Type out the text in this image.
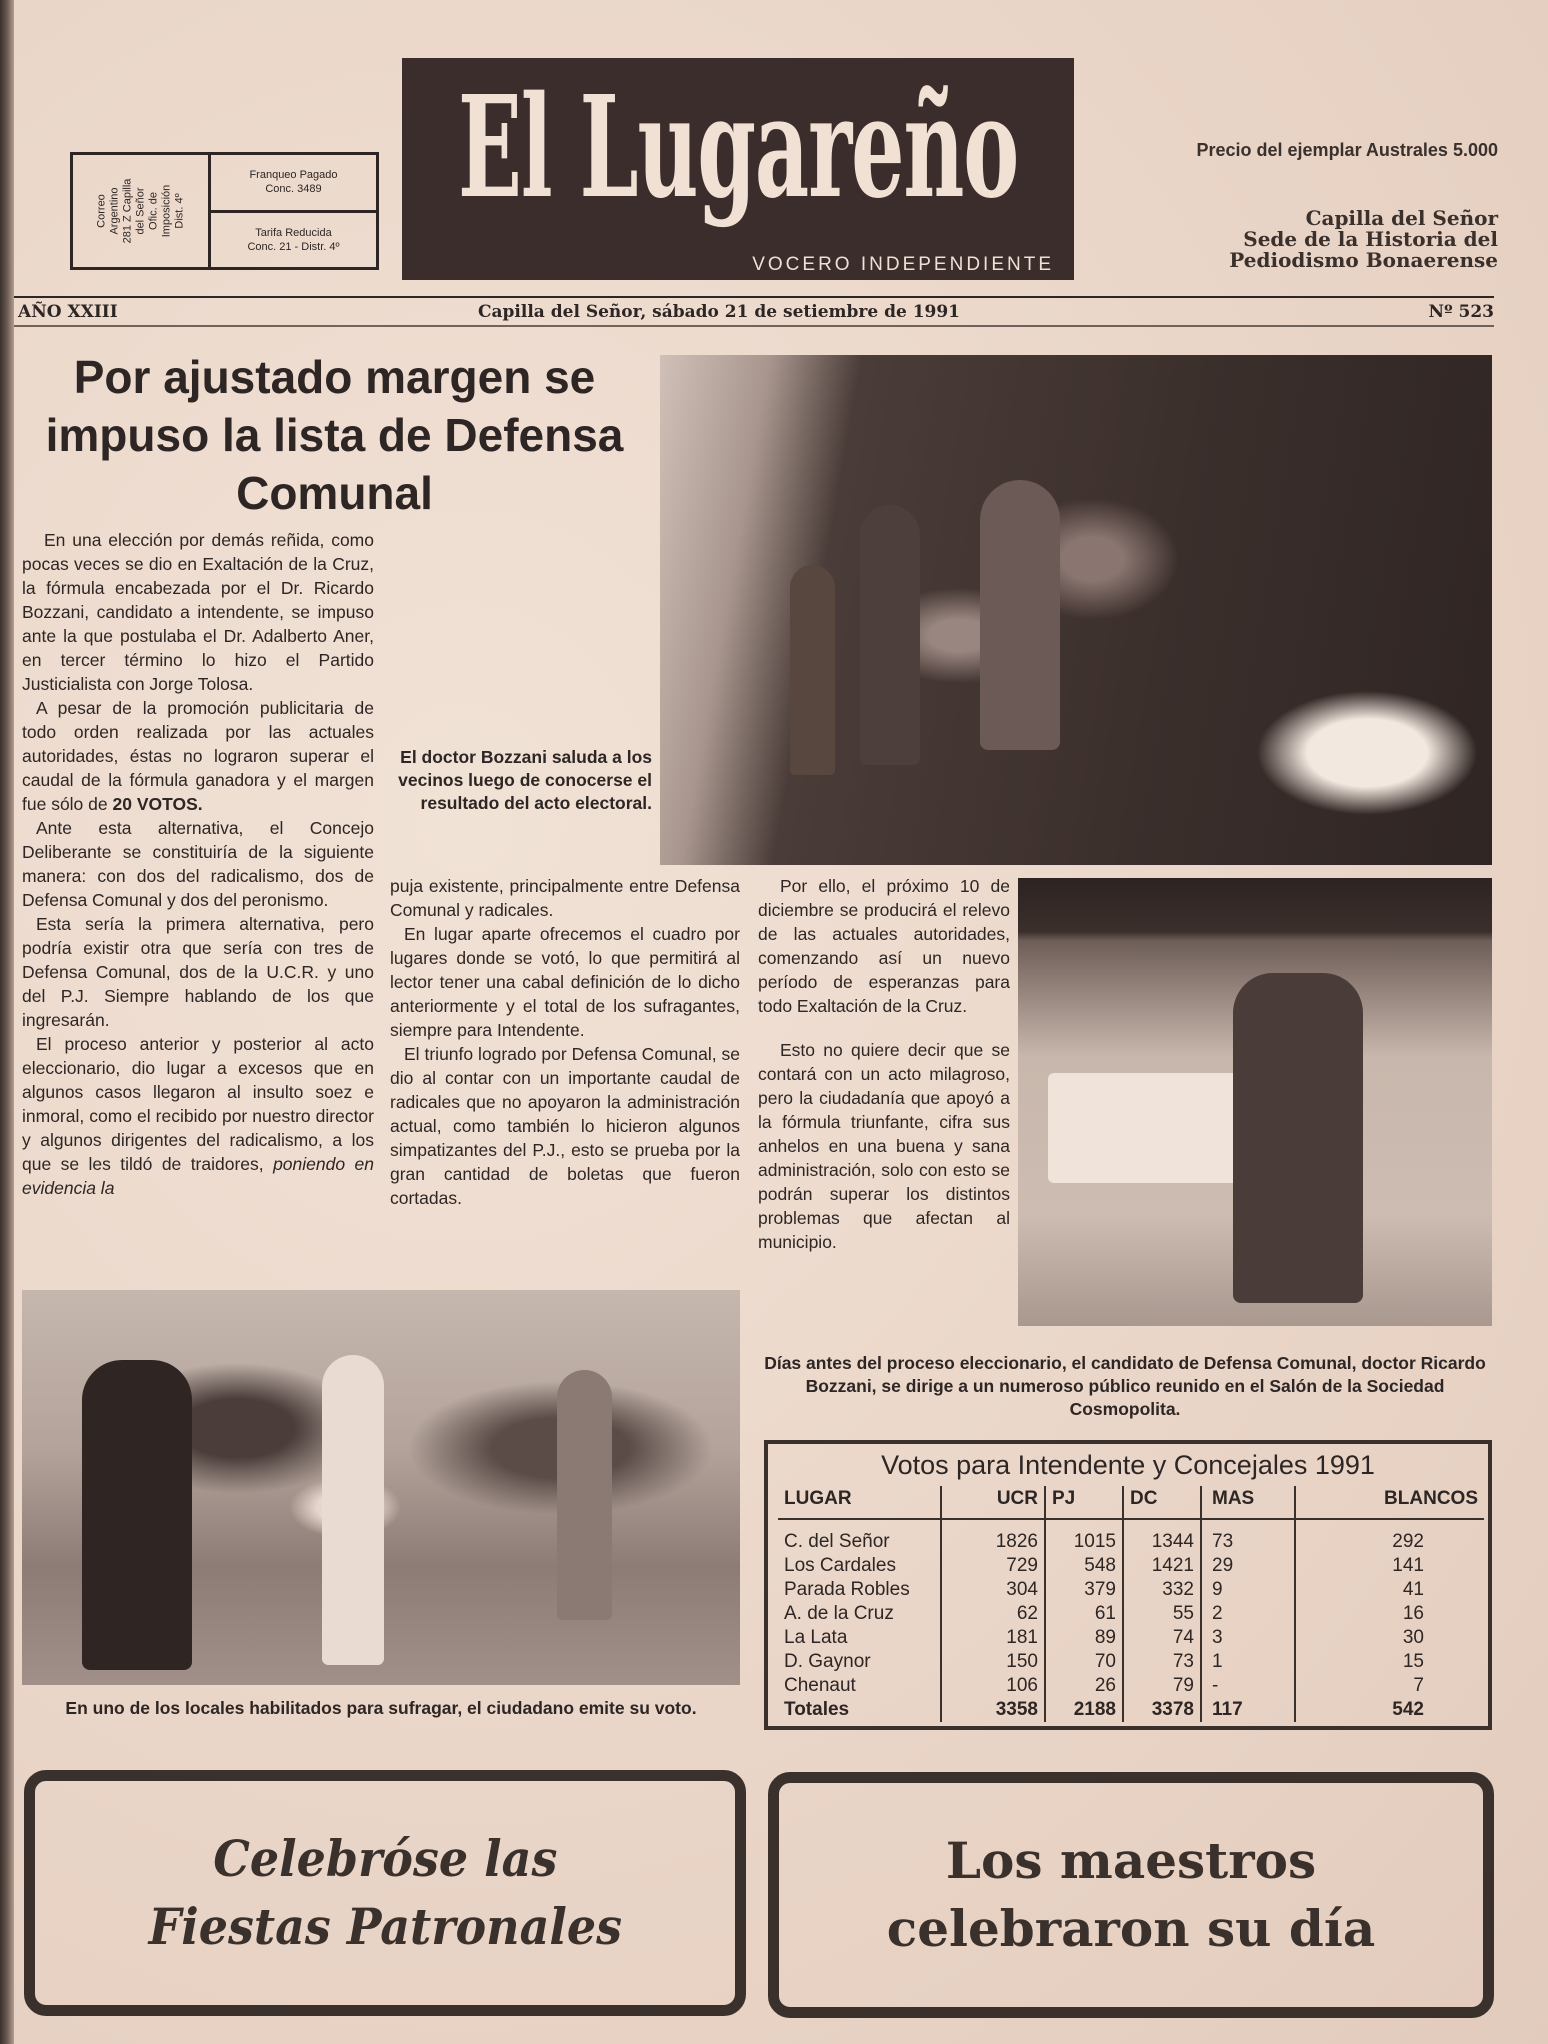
Correo Argentino 281 Z Capilla del Señor Ofic. de Imposición Dist. 4º
Franqueo Pagado
Conc. 3489
Tarifa Reducida
Conc. 21 - Distr. 4º
El Lugareño
VOCERO INDEPENDIENTE
Precio del ejemplar Australes 5.000
Capilla del Señor
Sede de la Historia del
Pediodismo Bonaerense
AÑO XXIII	Capilla del Señor, sábado 21 de setiembre de 1991	Nº 523
Por ajustado margen se
impuso la lista de Defensa
Comunal
El doctor Bozzani saluda a los vecinos luego de conocerse el resultado del acto electoral.

En una elección por demás reñida, como pocas veces se dio en Exaltación de la Cruz, la fórmula encabezada por el Dr. Ricardo Bozzani, candidato a intendente, se impuso ante la que postulaba el Dr. Adalberto Aner, en tercer término lo hizo el Partido Justicialista con Jorge Tolosa.

A pesar de la promoción publicitaria de todo orden realizada por las actuales autoridades, éstas no lograron superar el caudal de la fórmula ganadora y el margen fue sólo de 20 VOTOS.

Ante esta alternativa, el Concejo Deliberante se constituiría de la siguiente manera: con dos del radicalismo, dos de Defensa Comunal y dos del peronismo.

Esta sería la primera alternativa, pero podría existir otra que sería con tres de Defensa Comunal, dos de la U.C.R. y uno del P.J. Siempre hablando de los que ingresarán.

El proceso anterior y posterior al acto eleccionario, dio lugar a excesos que en algunos casos llegaron al insulto soez e inmoral, como el recibido por nuestro director y algunos dirigentes del radicalismo, a los que se les tildó de traidores, poniendo en evidencia la

puja existente, principalmente entre Defensa Comunal y radicales.

En lugar aparte ofrecemos el cuadro por lugares donde se votó, lo que permitirá al lector tener una cabal definición de lo dicho anteriormente y el total de los sufragantes, siempre para Intendente.

El triunfo logrado por Defensa Comunal, se dio al contar con un importante caudal de radicales que no apoyaron la administración actual, como también lo hicieron algunos simpatizantes del P.J., esto se prueba por la gran cantidad de boletas que fueron cortadas.

Por ello, el próximo 10 de diciembre se producirá el relevo de las actuales autoridades, comenzando así un nuevo período de esperanzas para todo Exaltación de la Cruz.

Esto no quiere decir que se contará con un acto milagroso, pero la ciudadanía que apoyó a la fórmula triunfante, cifra sus anhelos en una buena y sana administración, solo con esto se podrán superar los distintos problemas que afectan al municipio.

Días antes del proceso eleccionario, el candidato de Defensa Comunal, doctor Ricardo Bozzani, se dirige a un numeroso público reunido en el Salón de la Sociedad Cosmopolita.
En uno de los locales habilitados para sufragar, el ciudadano emite su voto.
Votos para Intendente y Concejales 1991
LUGAR	UCR	PJ	DC	MAS	BLANCOS
C. del Señor	1826	1015	1344	73	292
Los Cardales	729	548	1421	29	141
Parada Robles	304	379	332	9	41
A. de la Cruz	62	61	55	2	16
La Lata	181	89	74	3	30
D. Gaynor	150	70	73	1	15
Chenaut	106	26	79	-	7
Totales	3358	2188	3378	117	542
Celebróse las
Fiestas Patronales
Los maestros
celebraron su día
